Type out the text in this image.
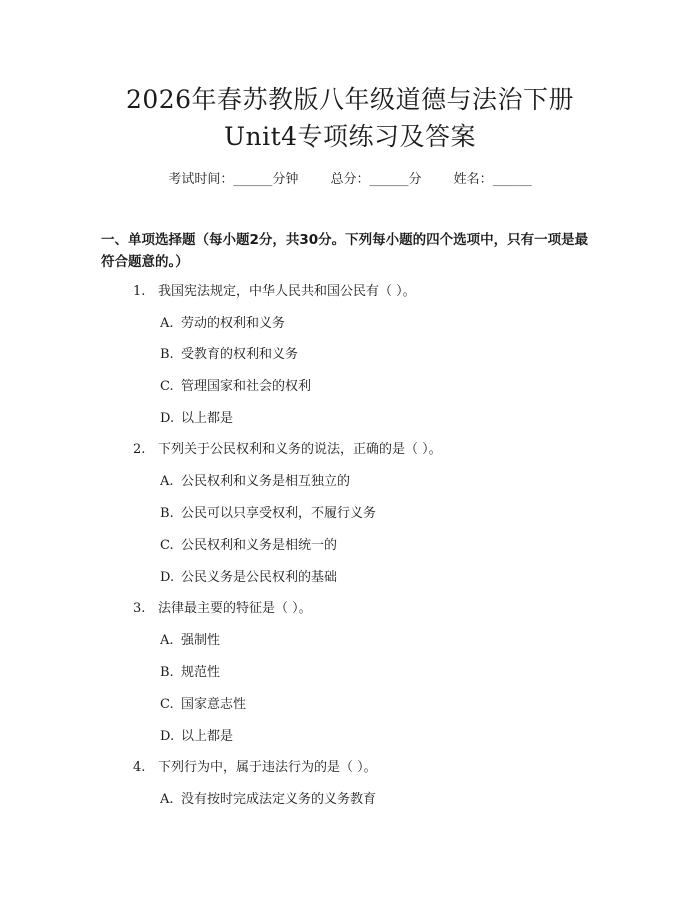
2026年春苏教版八年级道德与法治下册
Unit4专项练习及答案
考试时间：______分钟 总分：______分 姓名：______
一、单项选择题（每小题2分，共30分。下列每小题的四个选项中，只有一项是最符合题意的。）
1. 我国宪法规定，中华人民共和国公民有（ ）。
A. 劳动的权利和义务
B. 受教育的权利和义务
C. 管理国家和社会的权利
D. 以上都是
2. 下列关于公民权利和义务的说法，正确的是（ ）。
A. 公民权利和义务是相互独立的
B. 公民可以只享受权利，不履行义务
C. 公民权利和义务是相统一的
D. 公民义务是公民权利的基础
3. 法律最主要的特征是（ ）。
A. 强制性
B. 规范性
C. 国家意志性
D. 以上都是
4. 下列行为中，属于违法行为的是（ ）。
A. 没有按时完成法定义务的义务教育
